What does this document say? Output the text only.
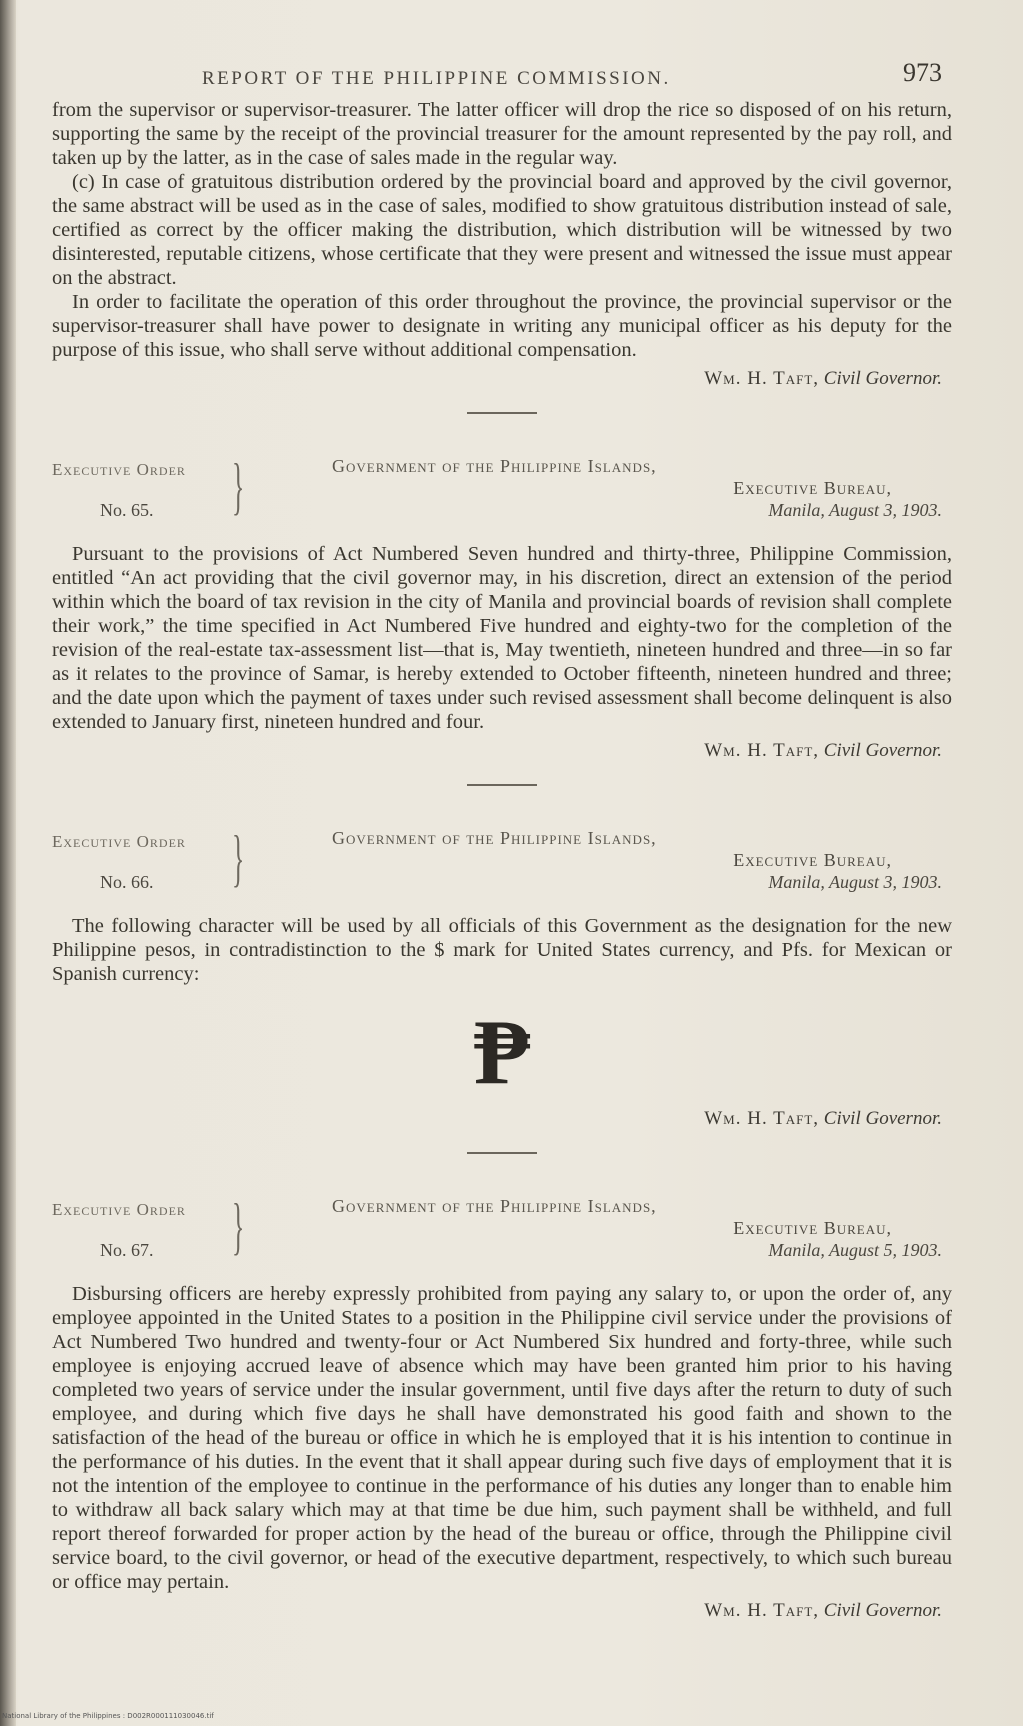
REPORT OF THE PHILIPPINE COMMISSION.	973

from the supervisor or supervisor-treasurer. The latter officer will drop the rice so disposed of on his return, supporting the same by the receipt of the provincial treasurer for the amount represented by the pay roll, and taken up by the latter, as in the case of sales made in the regular way.

(c) In case of gratuitous distribution ordered by the provincial board and approved by the civil governor, the same abstract will be used as in the case of sales, modified to show gratuitous distribution instead of sale, certified as correct by the officer making the distribution, which distribution will be witnessed by two disinterested, reputable citizens, whose certificate that they were present and witnessed the issue must appear on the abstract.

In order to facilitate the operation of this order throughout the province, the provincial supervisor or the supervisor-treasurer shall have power to designate in writing any municipal officer as his deputy for the purpose of this issue, who shall serve without additional compensation.

Wm. H. Taft, Civil Governor.
Executive Order
No. 65. }	Government of the Philippine Islands,
Executive Bureau,
Manila, August 3, 1903.

Pursuant to the provisions of Act Numbered Seven hundred and thirty-three, Philippine Commission, entitled “An act providing that the civil governor may, in his discretion, direct an extension of the period within which the board of tax revision in the city of Manila and provincial boards of revision shall complete their work,” the time specified in Act Numbered Five hundred and eighty-two for the completion of the revision of the real-estate tax-assessment list—that is, May twentieth, nineteen hundred and three—in so far as it relates to the province of Samar, is hereby extended to October fifteenth, nineteen hundred and three; and the date upon which the payment of taxes under such revised assessment shall become delinquent is also extended to January first, nineteen hundred and four.

Wm. H. Taft, Civil Governor.
Executive Order
No. 66. }	Government of the Philippine Islands,
Executive Bureau,
Manila, August 3, 1903.

The following character will be used by all officials of this Government as the designation for the new Philippine pesos, in contradistinction to the $ mark for United States currency, and Pfs. for Mexican or Spanish currency:

₱
Wm. H. Taft, Civil Governor.
Executive Order
No. 67. }	Government of the Philippine Islands,
Executive Bureau,
Manila, August 5, 1903.

Disbursing officers are hereby expressly prohibited from paying any salary to, or upon the order of, any employee appointed in the United States to a position in the Philippine civil service under the provisions of Act Numbered Two hundred and twenty-four or Act Numbered Six hundred and forty-three, while such employee is enjoying accrued leave of absence which may have been granted him prior to his having completed two years of service under the insular government, until five days after the return to duty of such employee, and during which five days he shall have demonstrated his good faith and shown to the satisfaction of the head of the bureau or office in which he is employed that it is his intention to continue in the performance of his duties. In the event that it shall appear during such five days of employment that it is not the intention of the employee to continue in the performance of his duties any longer than to enable him to withdraw all back salary which may at that time be due him, such payment shall be withheld, and full report thereof forwarded for proper action by the head of the bureau or office, through the Philippine civil service board, to the civil governor, or head of the executive department, respectively, to which such bureau or office may pertain.

Wm. H. Taft, Civil Governor.
National Library of the Philippines : D002R000111030046.tif
